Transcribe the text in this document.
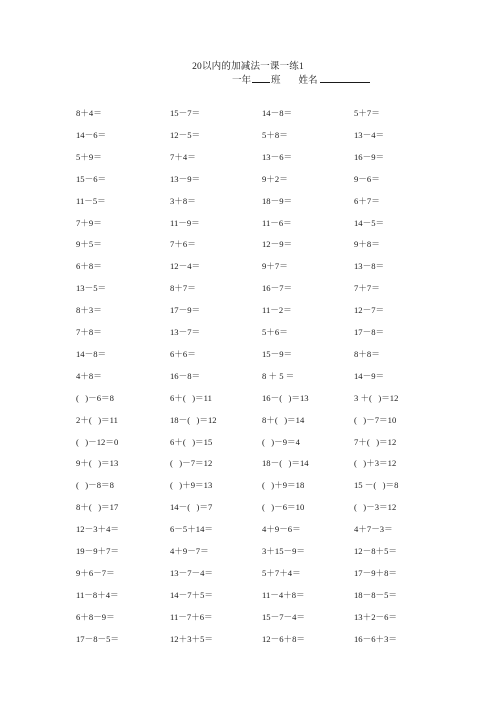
20以内的加减法一课一练1
一年 班 姓名
8＋4＝	15－7＝	14－8＝	5＋7＝
14－6＝	12－5＝	5＋8＝	13－4＝
5＋9＝	7＋4＝	13－6＝	16－9＝
15－6＝	13－9＝	9＋2＝	9－6＝
11－5＝	3＋8＝	18－9＝	6＋7＝
7＋9＝	11－9＝	11－6＝	14－5＝
9＋5＝	7＋6＝	12－9＝	9＋8＝
6＋8＝	12－4＝	9＋7＝	13－8＝
13－5＝	8＋7＝	16－7＝	7＋7＝
8＋3＝	17－9＝	11－2＝	12－7＝
7＋8＝	13－7＝	5＋6＝	17－8＝
14－8＝	6＋6＝	15－9＝	8＋8＝
4＋8＝	16－8＝	8 ＋ 5 ＝	14－9＝
(   )－6＝8	6＋(   )＝11	16－(   )＝13	3 ＋(   )＝12
2＋(   )＝11	18－(   )＝12	8＋(   )＝14	(   )－7＝10
(   )－12＝0	6＋(   )＝15	(   )－9＝4	7＋(   )＝12
9＋(   )＝13	(   )－7＝12	18－(   )＝14	(   )＋3＝12
(   )－8＝8	(   )＋9＝13	(   )＋9＝18	15 －(   )＝8
8＋(   )＝17	14－(   )＝7	(   )－6＝10	(   )－3＝12
12－3＋4＝	6－5＋14＝	4＋9－6＝	4＋7－3＝
19－9＋7＝	4＋9－7＝	3＋15－9＝	12－8＋5＝
9＋6－7＝	13－7－4＝	5＋7＋4＝	17－9＋8＝
11－8＋4＝	14－7＋5＝	11－4＋8＝	18－8－5＝
6＋8－9＝	11－7＋6＝	15－7－4＝	13＋2－6＝
17－8－5＝	12＋3＋5＝	12－6＋8＝	16－6＋3＝
